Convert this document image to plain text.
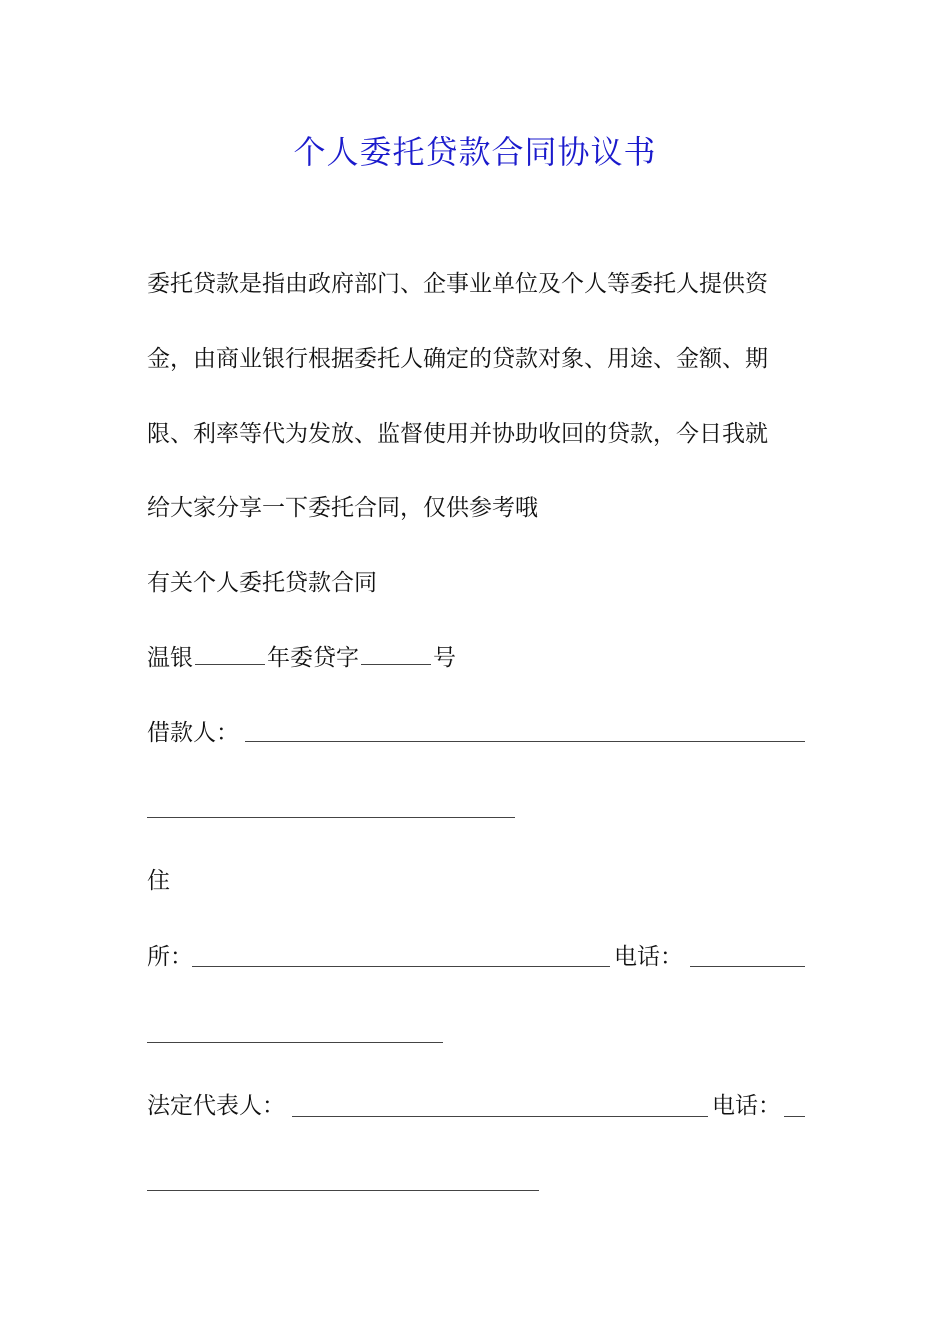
个人委托贷款合同协议书
委托贷款是指由政府部门、企事业单位及个人等委托人提供资
金，由商业银行根据委托人确定的贷款对象、用途、金额、期
限、利率等代为发放、监督使用并协助收回的贷款，今日我就
给大家分享一下委托合同，仅供参考哦
有关个人委托贷款合同
温银	年委贷字	号
借款人：
住
所：	电话：
法定代表人：	电话：
